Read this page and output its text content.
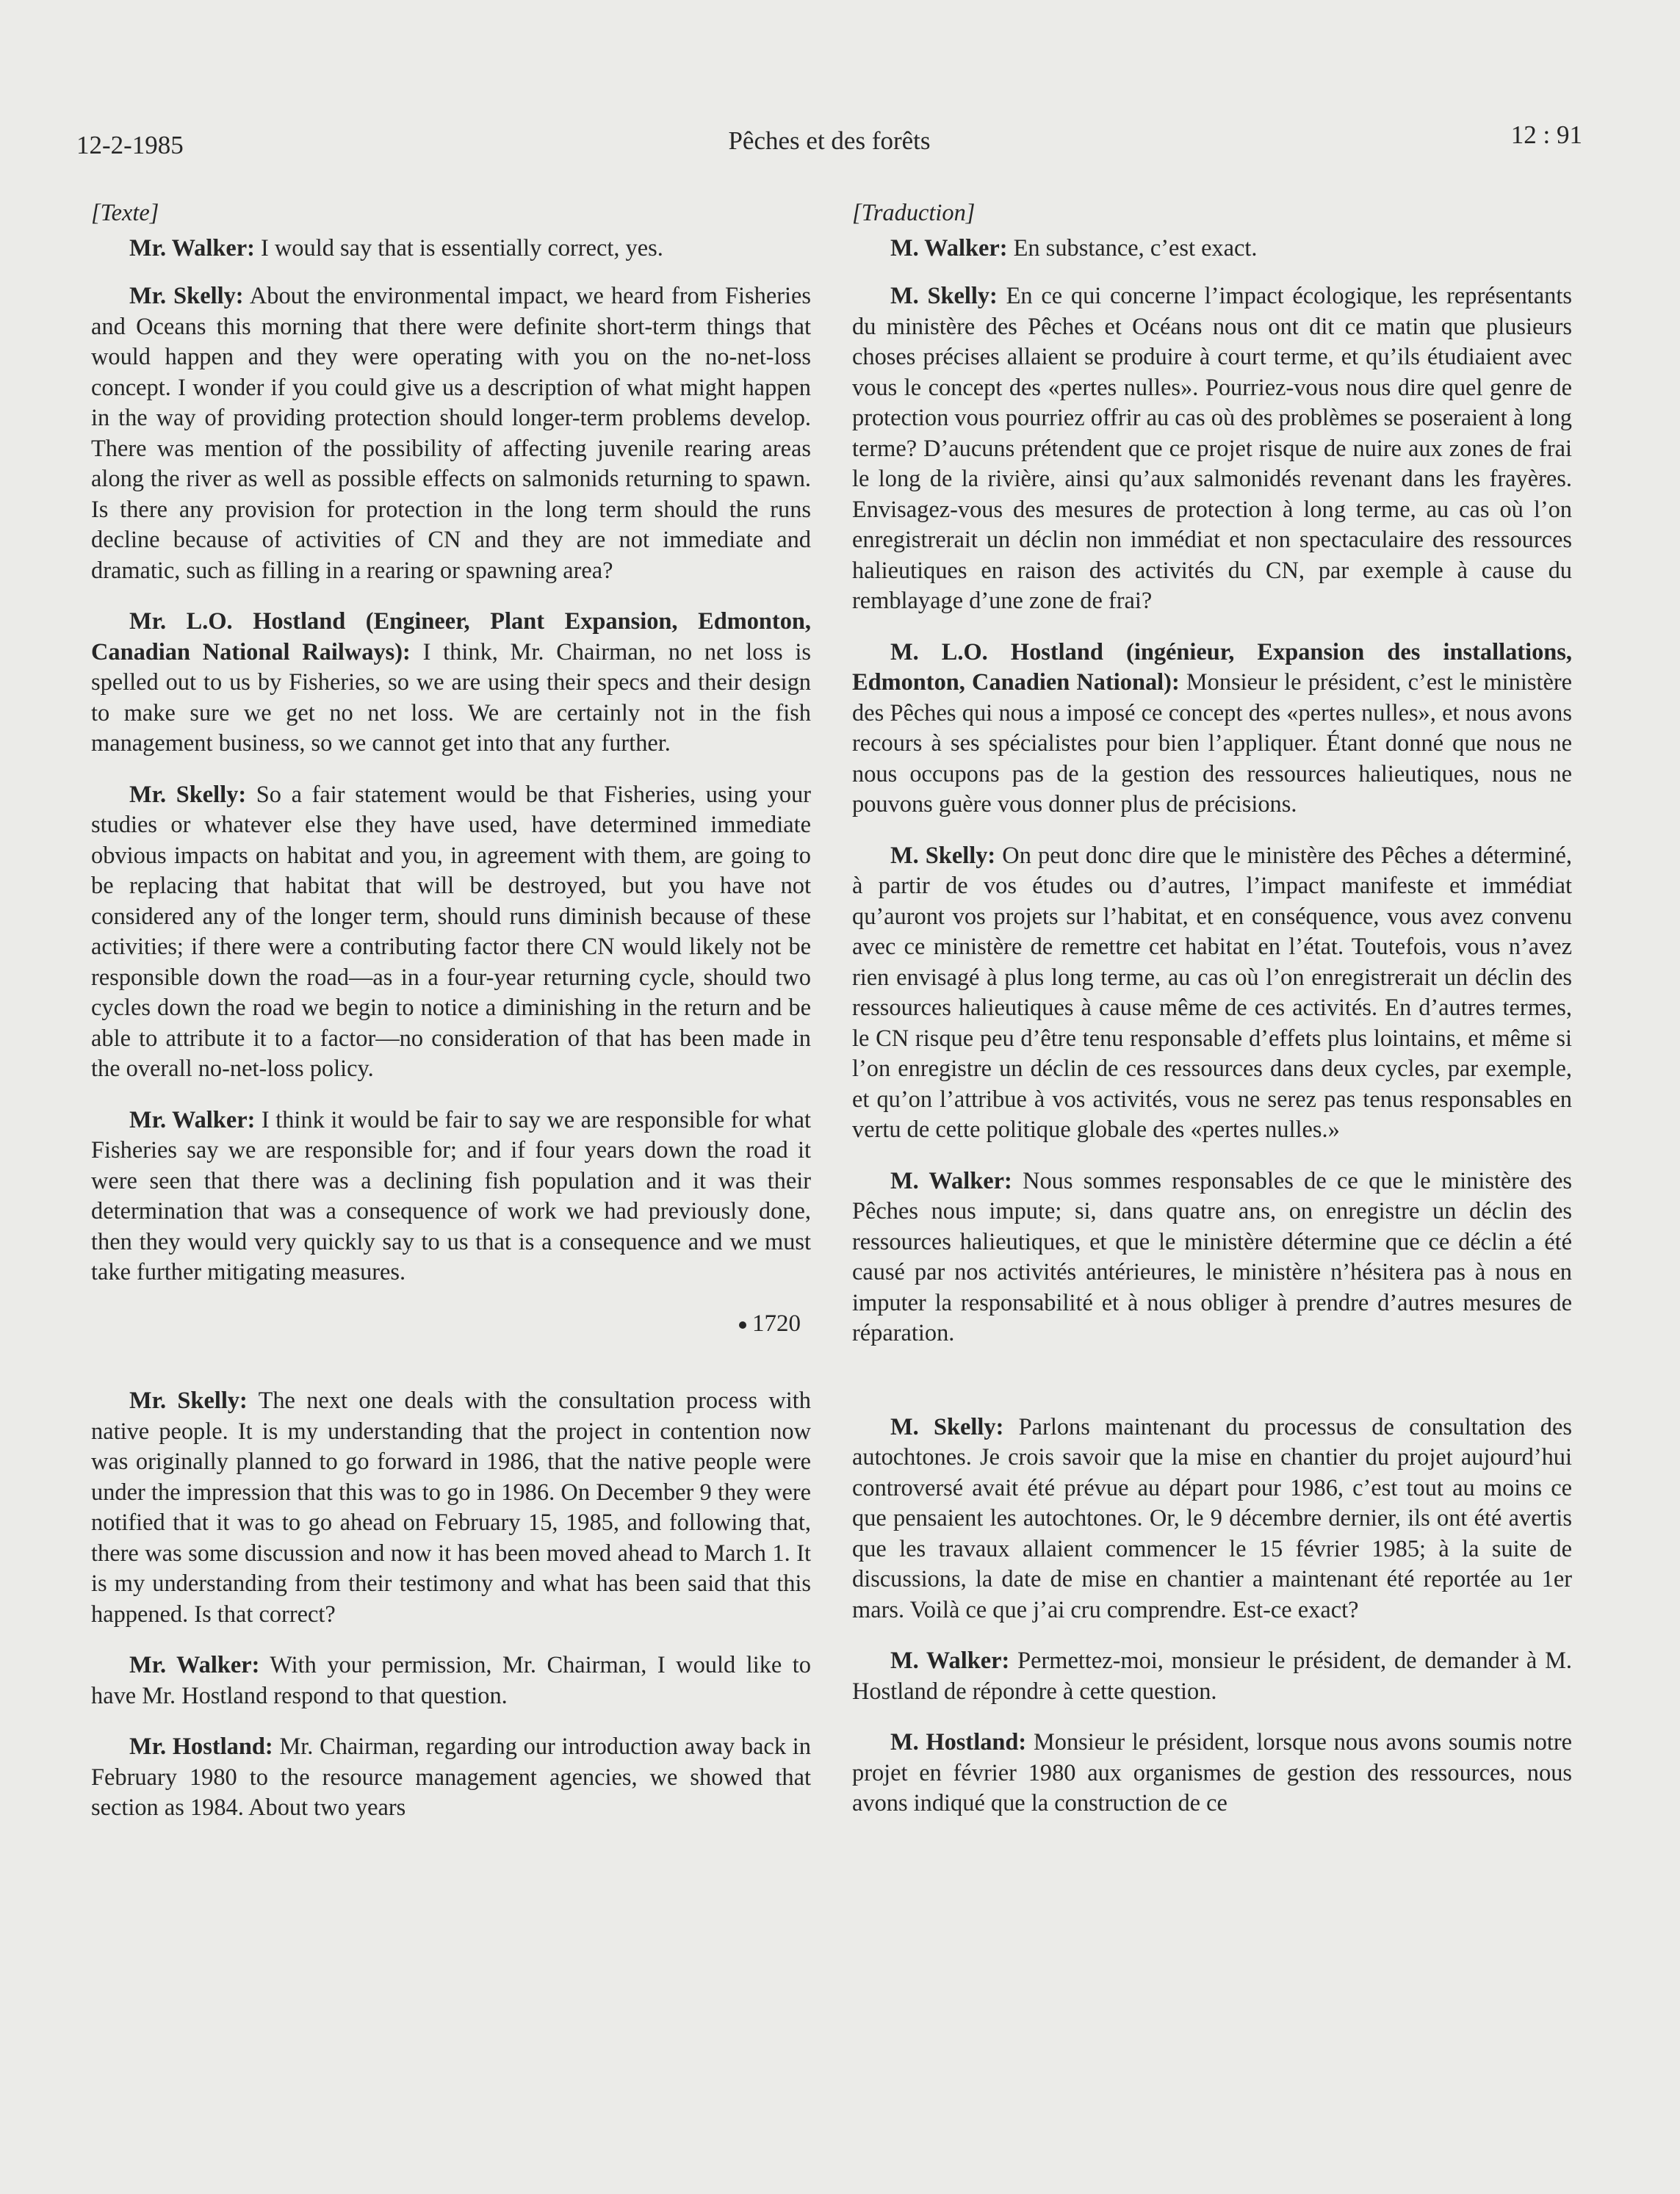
12-2-1985	Pêches et des forêts	12 : 91
[Texte]

Mr. Walker: I would say that is essentially correct, yes.

Mr. Skelly: About the environmental impact, we heard from Fisheries and Oceans this morning that there were definite short-term things that would happen and they were operating with you on the no-net-loss concept. I wonder if you could give us a description of what might happen in the way of providing protection should longer-term problems develop. There was mention of the possibility of affecting juvenile rearing areas along the river as well as possible effects on salmonids returning to spawn. Is there any provision for protection in the long term should the runs decline because of activities of CN and they are not immediate and dramatic, such as filling in a rearing or spawning area?

Mr. L.O. Hostland (Engineer, Plant Expansion, Edmonton, Canadian National Railways): I think, Mr. Chairman, no net loss is spelled out to us by Fisheries, so we are using their specs and their design to make sure we get no net loss. We are certainly not in the fish management business, so we cannot get into that any further.

Mr. Skelly: So a fair statement would be that Fisheries, using your studies or whatever else they have used, have determined immediate obvious impacts on habitat and you, in agreement with them, are going to be replacing that habitat that will be destroyed, but you have not considered any of the longer term, should runs diminish because of these activities; if there were a contributing factor there CN would likely not be responsible down the road—as in a four-year returning cycle, should two cycles down the road we begin to notice a diminishing in the return and be able to attribute it to a factor—no consideration of that has been made in the overall no-net-loss policy.

Mr. Walker: I think it would be fair to say we are responsible for what Fisheries say we are responsible for; and if four years down the road it were seen that there was a declining fish population and it was their determination that was a consequence of work we had previously done, then they would very quickly say to us that is a consequence and we must take further mitigating measures.

1720

Mr. Skelly: The next one deals with the consultation process with native people. It is my understanding that the project in contention now was originally planned to go forward in 1986, that the native people were under the impression that this was to go in 1986. On December 9 they were notified that it was to go ahead on February 15, 1985, and following that, there was some discussion and now it has been moved ahead to March 1. It is my understanding from their testimony and what has been said that this happened. Is that correct?

Mr. Walker: With your permission, Mr. Chairman, I would like to have Mr. Hostland respond to that question.

Mr. Hostland: Mr. Chairman, regarding our introduction away back in February 1980 to the resource management agencies, we showed that section as 1984. About two years

[Traduction]

M. Walker: En substance, c’est exact.

M. Skelly: En ce qui concerne l’impact écologique, les représentants du ministère des Pêches et Océans nous ont dit ce matin que plusieurs choses précises allaient se produire à court terme, et qu’ils étudiaient avec vous le concept des «pertes nulles». Pourriez-vous nous dire quel genre de protection vous pourriez offrir au cas où des problèmes se poseraient à long terme? D’aucuns prétendent que ce projet risque de nuire aux zones de frai le long de la rivière, ainsi qu’aux salmonidés revenant dans les frayères. Envisagez-vous des mesures de protection à long terme, au cas où l’on enregistrerait un déclin non immédiat et non spectaculaire des ressources halieutiques en raison des activités du CN, par exemple à cause du remblayage d’une zone de frai?

M. L.O. Hostland (ingénieur, Expansion des installations, Edmonton, Canadien National): Monsieur le président, c’est le ministère des Pêches qui nous a imposé ce concept des «pertes nulles», et nous avons recours à ses spécialistes pour bien l’appliquer. Étant donné que nous ne nous occupons pas de la gestion des ressources halieutiques, nous ne pouvons guère vous donner plus de précisions.

M. Skelly: On peut donc dire que le ministère des Pêches a déterminé, à partir de vos études ou d’autres, l’impact manifeste et immédiat qu’auront vos projets sur l’habitat, et en conséquence, vous avez convenu avec ce ministère de remettre cet habitat en l’état. Toutefois, vous n’avez rien envisagé à plus long terme, au cas où l’on enregistrerait un déclin des ressources halieutiques à cause même de ces activités. En d’autres termes, le CN risque peu d’être tenu responsable d’effets plus lointains, et même si l’on enregistre un déclin de ces ressources dans deux cycles, par exemple, et qu’on l’attribue à vos activités, vous ne serez pas tenus responsables en vertu de cette politique globale des «pertes nulles.»

M. Walker: Nous sommes responsables de ce que le ministère des Pêches nous impute; si, dans quatre ans, on enregistre un déclin des ressources halieutiques, et que le ministère détermine que ce déclin a été causé par nos activités antérieures, le ministère n’hésitera pas à nous en imputer la responsabilité et à nous obliger à prendre d’autres mesures de réparation.

M. Skelly: Parlons maintenant du processus de consultation des autochtones. Je crois savoir que la mise en chantier du projet aujourd’hui controversé avait été prévue au départ pour 1986, c’est tout au moins ce que pensaient les autochtones. Or, le 9 décembre dernier, ils ont été avertis que les travaux allaient commencer le 15 février 1985; à la suite de discussions, la date de mise en chantier a maintenant été reportée au 1er mars. Voilà ce que j’ai cru comprendre. Est-ce exact?

M. Walker: Permettez-moi, monsieur le président, de demander à M. Hostland de répondre à cette question.

M. Hostland: Monsieur le président, lorsque nous avons soumis notre projet en février 1980 aux organismes de gestion des ressources, nous avons indiqué que la construction de ce
